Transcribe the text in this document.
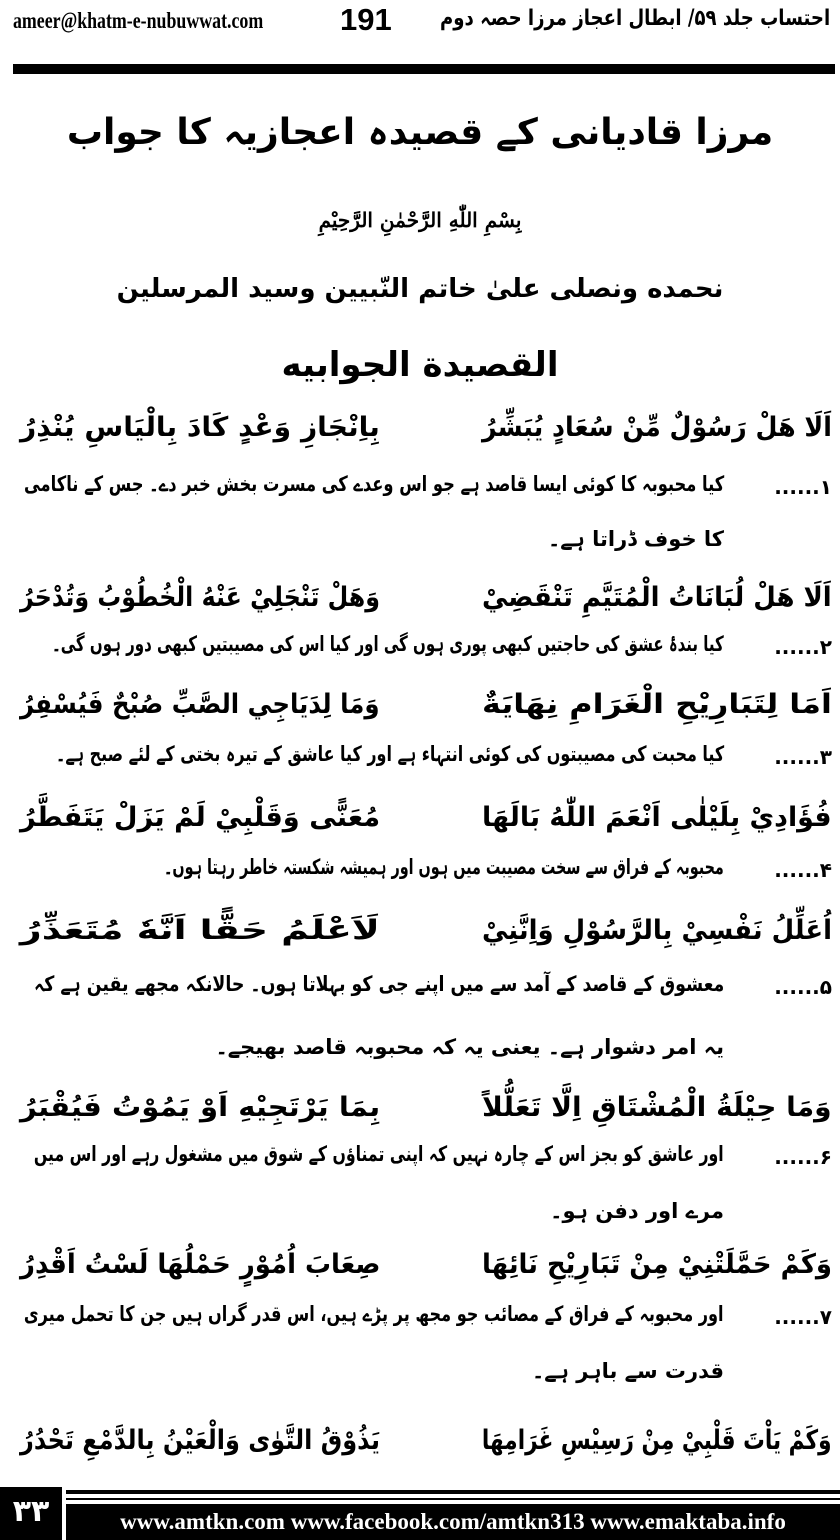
ameer@khatm-e-nubuwwat.com 191 احتساب جلد ۵۹/ ابطال اعجاز مرزا حصہ دوم
مرزا قادیانی کے قصیدہ اعجازیہ کا جواب
بِسْمِ اللّٰهِ الرَّحْمٰنِ الرَّحِيْمِ
نحمده ونصلی علیٰ خاتم النّبیین وسید المرسلین
القصيدة الجوابيه
اَلَا هَلْ رَسُوْلٌ مِّنْ سُعَادٍ يُبَشِّرُ
بِاِنْجَازِ وَعْدٍ كَادَ بِالْيَاسِ يُنْذِرُ
۱......
کیا محبوبہ کا کوئی ایسا قاصد ہے جو اس وعدے کی مسرت بخش خبر دے۔ جس کے ناکامی
کا خوف ڈراتا ہے۔
اَلَا هَلْ لُبَانَاتُ الْمُتَيَّمِ تَنْقَضِيْ
وَهَلْ تَنْجَلِيْ عَنْهُ الْخُطُوْبُ وَتُدْحَرُ
۲......
کیا بندۂ عشق کی حاجتیں کبھی پوری ہوں گی اور کیا اس کی مصیبتیں کبھی دور ہوں گی۔
اَمَا لِتَبَارِيْحِ الْغَرَامِ نِهَايَةٌ
وَمَا لِدَيَاجِي الصَّبِّ صُبْحٌ فَيُسْفِرُ
۳......
کیا محبت کی مصیبتوں کی کوئی انتہاء ہے اور کیا عاشق کے تیرہ بختی کے لئے صبح ہے۔
فُؤَادِيْ بِلَيْلٰى اَنْعَمَ اللّٰهُ بَالَهَا
مُعَنًّى وَقَلْبِيْ لَمْ يَزَلْ يَتَفَطَّرُ
۴......
محبوبہ کے فراق سے سخت مصیبت میں ہوں اور ہمیشہ شکستہ خاطر رہتا ہوں۔
اُعَلِّلُ نَفْسِيْ بِالرَّسُوْلِ وَاِنَّنِيْ
لَاَعْلَمُ حَقًّا اَنَّهٗ مُتَعَذِّرُ
۵......
معشوق کے قاصد کے آمد سے میں اپنے جی کو بہلاتا ہوں۔ حالانکہ مجھے یقین ہے کہ
یہ امر دشوار ہے۔ یعنی یہ کہ محبوبہ قاصد بھیجے۔
وَمَا حِيْلَةُ الْمُشْتَاقِ اِلَّا تَعَلُّلاً
بِمَا يَرْتَجِيْهِ اَوْ يَمُوْتُ فَيُقْبَرُ
۶......
اور عاشق کو بجز اس کے چارہ نہیں کہ اپنی تمناؤں کے شوق میں مشغول رہے اور اس میں
مرے اور دفن ہو۔
وَكَمْ حَمَّلَتْنِيْ مِنْ تَبَارِيْحِ نَائِهَا
صِعَابَ اُمُوْرٍ حَمْلُهَا لَسْتُ اَقْدِرُ
۷......
اور محبوبہ کے فراق کے مصائب جو مجھ پر پڑے ہیں، اس قدر گراں ہیں جن کا تحمل میری
قدرت سے باہر ہے۔
وَكَمْ يَاْتَ قَلْبِيْ مِنْ رَسِيْسِ غَرَامِهَا
يَذُوْقُ التَّوٰى وَالْعَيْنُ بِالدَّمْعِ تَحْدُرُ
۳۳	www.amtkn.com www.facebook.com/amtkn313 www.emaktaba.info
